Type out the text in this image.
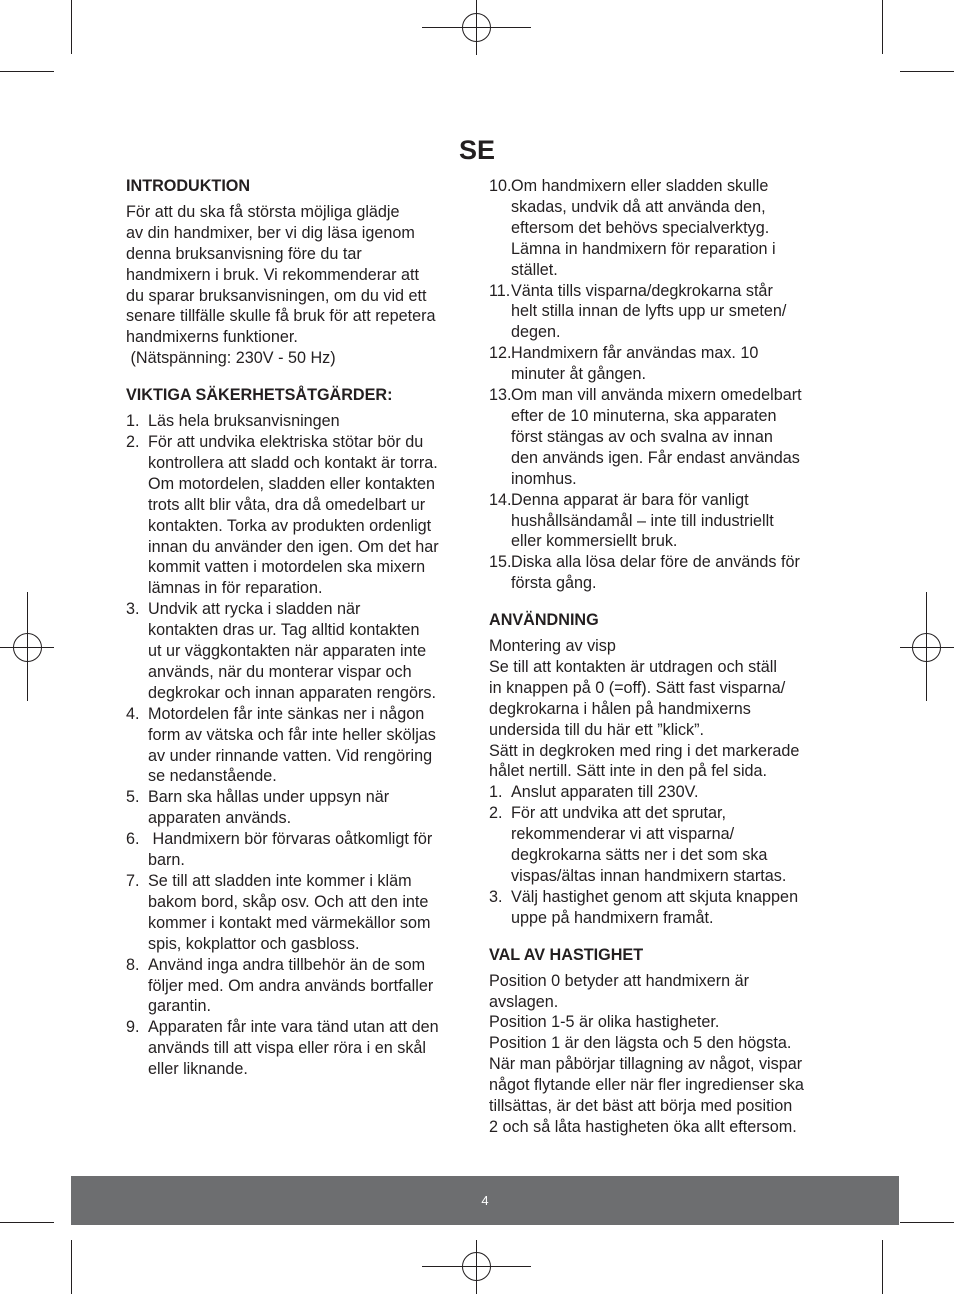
SE

INTRODUKTION

För att du ska få största möjliga glädje
av din handmixer, ber vi dig läsa igenom
denna bruksanvisning före du tar
handmixern i bruk. Vi rekommenderar att
du sparar bruksanvisningen, om du vid ett
senare tillfälle skulle få bruk för att repetera
handmixerns funktioner.
(Nätspänning: 230V - 50 Hz)

VIKTIGA SÄKERHETSÅTGÄRDER:

1. Läs hela bruksanvisningen
2. För att undvika elektriska stötar bör du
kontrollera att sladd och kontakt är torra.
Om motordelen, sladden eller kontakten
trots allt blir våta, dra då omedelbart ur
kontakten. Torka av produkten ordenligt
innan du använder den igen. Om det har
kommit vatten i motordelen ska mixern
lämnas in för reparation.
3. Undvik att rycka i sladden när
kontakten dras ur. Tag alltid kontakten
ut ur väggkontakten när apparaten inte
används, när du monterar vispar och
degkrokar och innan apparaten rengörs.
4. Motordelen får inte sänkas ner i någon
form av vätska och får inte heller sköljas
av under rinnande vatten. Vid rengöring
se nedanstående.
5. Barn ska hållas under uppsyn när
apparaten används.
6. Handmixern bör förvaras oåtkomligt för
barn.
7. Se till att sladden inte kommer i kläm
bakom bord, skåp osv. Och att den inte
kommer i kontakt med värmekällor som
spis, kokplattor och gasbloss.
8. Använd inga andra tillbehör än de som
följer med. Om andra används bortfaller
garantin.
9. Apparaten får inte vara tänd utan att den
används till att vispa eller röra i en skål
eller liknande.
10. Om handmixern eller sladden skulle
skadas, undvik då att använda den,
eftersom det behövs specialverktyg.
Lämna in handmixern för reparation i
stället.
11. Vänta tills visparna/degkrokarna står
helt stilla innan de lyfts upp ur smeten/
degen.
12. Handmixern får användas max. 10
minuter åt gången.
13. Om man vill använda mixern omedelbart
efter de 10 minuterna, ska apparaten
först stängas av och svalna av innan
den används igen. Får endast användas
inomhus.
14. Denna apparat är bara för vanligt
hushållsändamål – inte till industriellt
eller kommersiellt bruk.
15. Diska alla lösa delar före de används för
första gång.

ANVÄNDNING

Montering av visp
Se till att kontakten är utdragen och ställ
in knappen på 0 (=off). Sätt fast visparna/
degkrokarna i hålen på handmixerns
undersida till du här ett ”klick”.
Sätt in degkroken med ring i det markerade
hålet nertill. Sätt inte in den på fel sida.
1. Anslut apparaten till 230V.
2. För att undvika att det sprutar,
rekommenderar vi att visparna/
degkrokarna sätts ner i det som ska
vispas/ältas innan handmixern startas.
3. Välj hastighet genom att skjuta knappen
uppe på handmixern framåt.

VAL AV HASTIGHET

Position 0 betyder att handmixern är
avslagen.
Position 1-5 är olika hastigheter.
Position 1 är den lägsta och 5 den högsta.
När man påbörjar tillagning av något, vispar
något flytande eller när fler ingredienser ska
tillsättas, är det bäst att börja med position
2 och så låta hastigheten öka allt eftersom.
4
